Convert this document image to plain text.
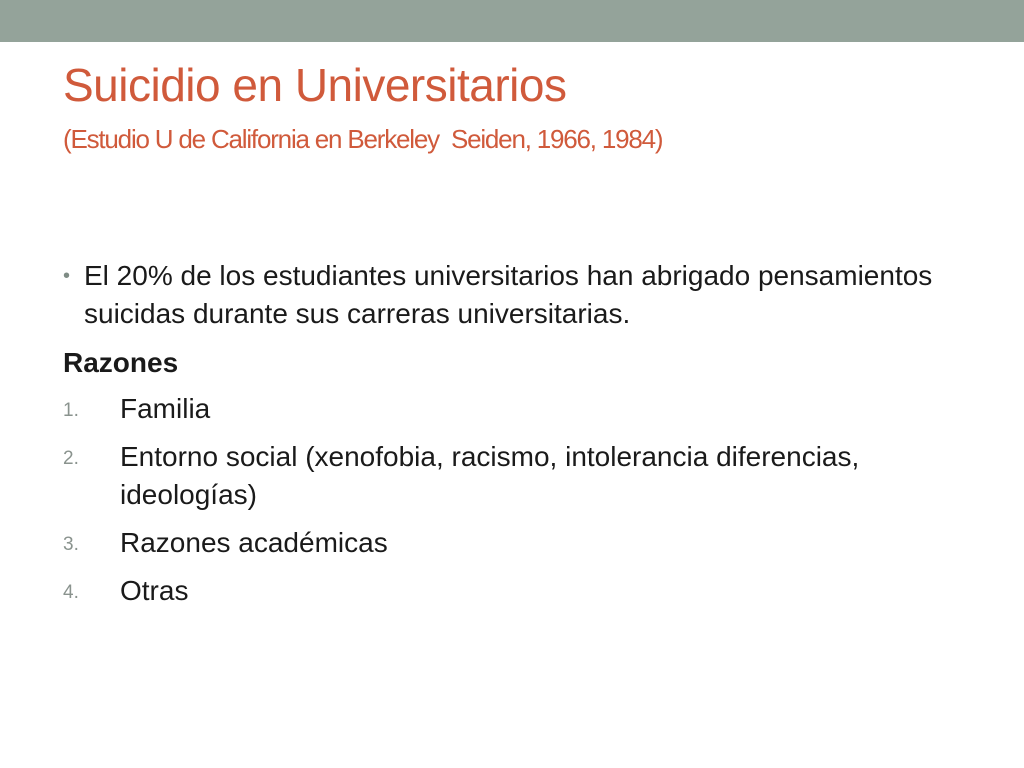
Suicidio en Universitarios
(Estudio U de California en Berkeley  Seiden, 1966, 1984)

• El 20% de los estudiantes universitarios han abrigado pensamientos suicidas durante sus carreras universitarias.

Razones
1. Familia
2. Entorno social (xenofobia, racismo, intolerancia diferencias, ideologías)
3. Razones académicas
4. Otras
